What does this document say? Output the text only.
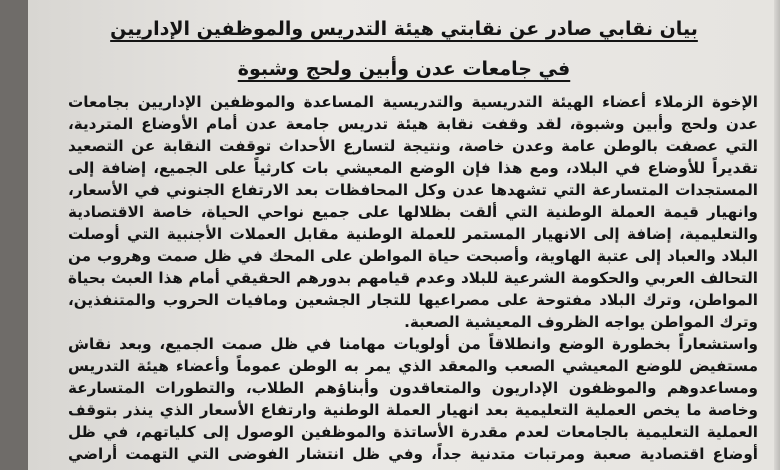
بيان نقابي صادر عن نقابتي هيئة التدريس والموظفين الإداريين
في جامعات عدن وأبين ولحج وشبوة
الإخوة الزملاء أعضاء الهيئة التدريسية والتدريسية المساعدة والموظفين الإداريين بجامعات
عدن ولحج وأبين وشبوة، لقد وقفت نقابة هيئة تدريس جامعة عدن أمام الأوضاع المتردية،
التي عصفت بالوطن عامة وعدن خاصة، ونتيجة لتسارع الأحداث توقفت النقابة عن التصعيد
تقديراً للأوضاع في البلاد، ومع هذا فإن الوضع المعيشي بات كارثياً على الجميع، إضافة إلى
المستجدات المتسارعة التي تشهدها عدن وكل المحافظات بعد الارتفاع الجنوني في الأسعار،
وانهيار قيمة العملة الوطنية التي ألقت بظلالها على جميع نواحي الحياة، خاصة الاقتصادية
والتعليمية، إضافة إلى الانهيار المستمر للعملة الوطنية مقابل العملات الأجنبية التي أوصلت
البلاد والعباد إلى عتبة الهاوية، وأصبحت حياة المواطن على المحك في ظل صمت وهروب من
التحالف العربي والحكومة الشرعية للبلاد وعدم قيامهم بدورهم الحقيقي أمام هذا العبث بحياة
المواطن، وترك البلاد مفتوحة على مصراعيها للتجار الجشعين ومافيات الحروب والمتنفذين،
وترك المواطن يواجه الظروف المعيشية الصعبة.
واستشعاراً بخطورة الوضع وانطلاقاً من أولويات مهامنا في ظل صمت الجميع، وبعد نقاش
مستفيض للوضع المعيشي الصعب والمعقد الذي يمر به الوطن عموماً وأعضاء هيئة التدريس
ومساعدوهم والموظفون الإداريون والمتعاقدون وأبناؤهم الطلاب، والتطورات المتسارعة
وخاصة ما يخص العملية التعليمية بعد انهيار العملة الوطنية وارتفاع الأسعار الذي ينذر بتوقف
العملية التعليمية بالجامعات لعدم مقدرة الأساتذة والموظفين الوصول إلى كلياتهم، في ظل
أوضاع اقتصادية صعبة ومرتبات متدنية جداً، وفي ظل انتشار الفوضى التي التهمت أراضي
